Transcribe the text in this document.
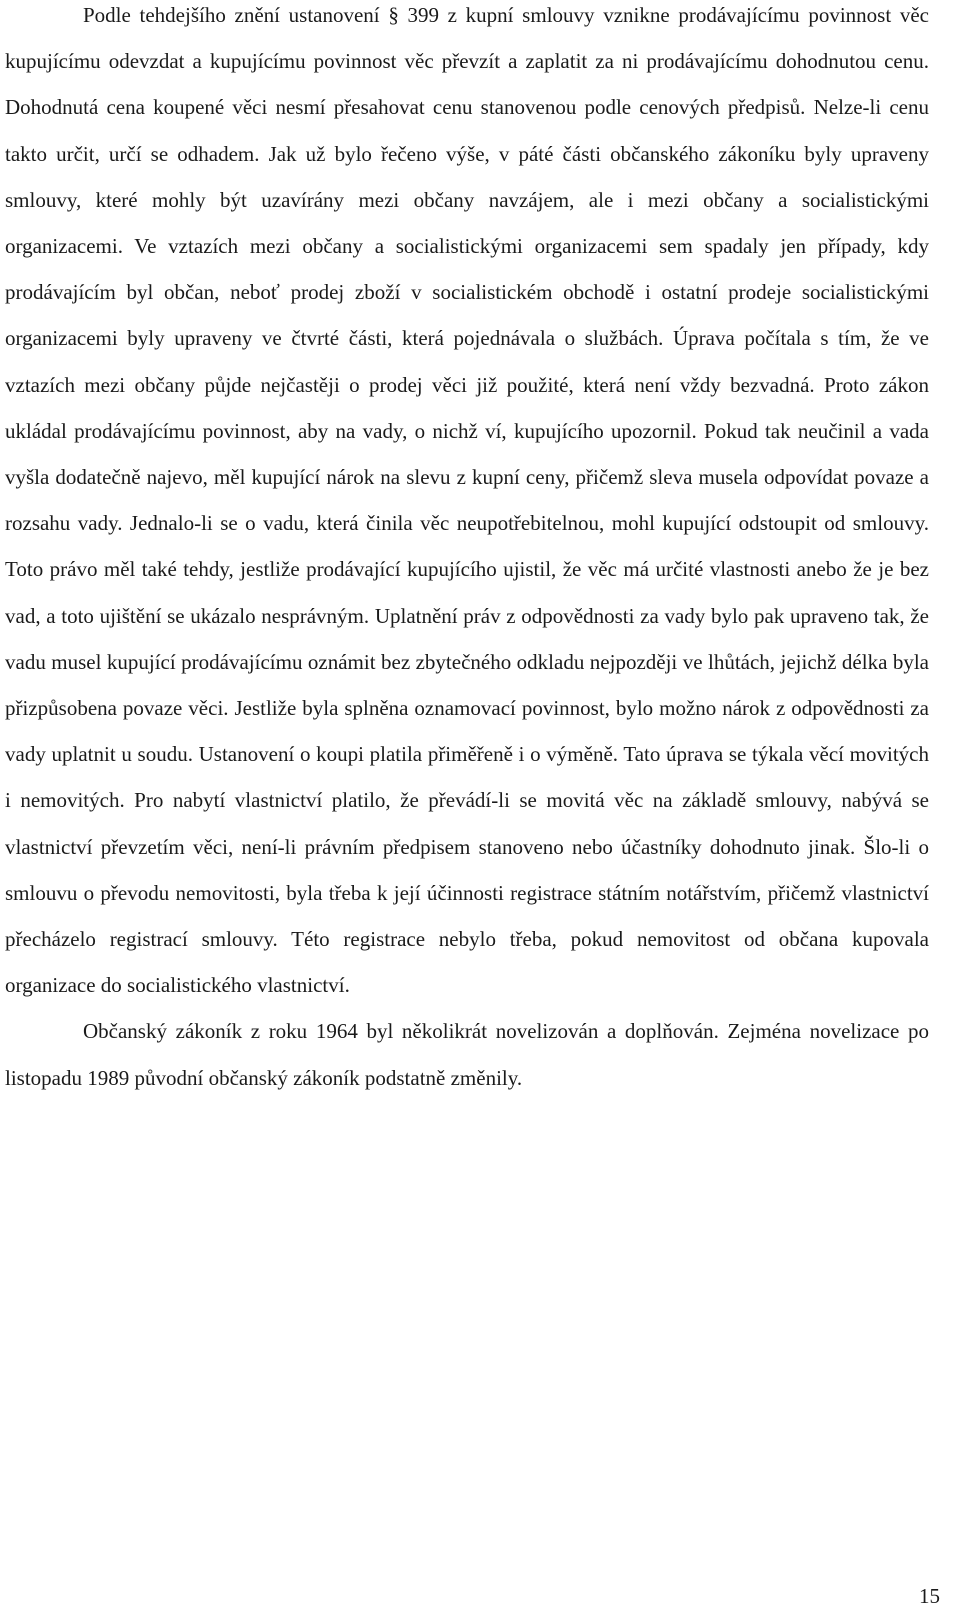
Podle tehdejšího znění ustanovení § 399 z kupní smlouvy vznikne prodávajícímu povinnost věc kupujícímu odevzdat a kupujícímu povinnost věc převzít a zaplatit za ni prodávajícímu dohodnutou cenu. Dohodnutá cena koupené věci nesmí přesahovat cenu stanovenou podle cenových předpisů. Nelze-li cenu takto určit, určí se odhadem. Jak už bylo řečeno výše, v páté části občanského zákoníku byly upraveny smlouvy, které mohly být uzavírány mezi občany navzájem, ale i mezi občany a socialistickými organizacemi. Ve vztazích mezi občany a socialistickými organizacemi sem spadaly jen případy, kdy prodávajícím byl občan, neboť prodej zboží v socialistickém obchodě i ostatní prodeje socialistickými organizacemi byly upraveny ve čtvrté části, která pojednávala o službách. Úprava počítala s tím, že ve vztazích mezi občany půjde nejčastěji o prodej věci již použité, která není vždy bezvadná. Proto zákon ukládal prodávajícímu povinnost, aby na vady, o nichž ví, kupujícího upozornil. Pokud tak neučinil a vada vyšla dodatečně najevo, měl kupující nárok na slevu z kupní ceny, přičemž sleva musela odpovídat povaze a rozsahu vady. Jednalo-li se o vadu, která činila věc neupotřebitelnou, mohl kupující odstoupit od smlouvy. Toto právo měl také tehdy, jestliže prodávající kupujícího ujistil, že věc má určité vlastnosti anebo že je bez vad, a toto ujištění se ukázalo nesprávným. Uplatnění práv z odpovědnosti za vady bylo pak upraveno tak, že vadu musel kupující prodávajícímu oznámit bez zbytečného odkladu nejpozději ve lhůtách, jejichž délka byla přizpůsobena povaze věci. Jestliže byla splněna oznamovací povinnost, bylo možno nárok z odpovědnosti za vady uplatnit u soudu. Ustanovení o koupi platila přiměřeně i o výměně. Tato úprava se týkala věcí movitých i nemovitých. Pro nabytí vlastnictví platilo, že převádí-li se movitá věc na základě smlouvy, nabývá se vlastnictví převzetím věci, není-li právním předpisem stanoveno nebo účastníky dohodnuto jinak. Šlo-li o smlouvu o převodu nemovitosti, byla třeba k její účinnosti registrace státním notářstvím, přičemž vlastnictví přecházelo registrací smlouvy. Této registrace nebylo třeba, pokud nemovitost od občana kupovala organizace do socialistického vlastnictví.

Občanský zákoník z roku 1964 byl několikrát novelizován a doplňován. Zejména novelizace po listopadu 1989 původní občanský zákoník podstatně změnily.

15
